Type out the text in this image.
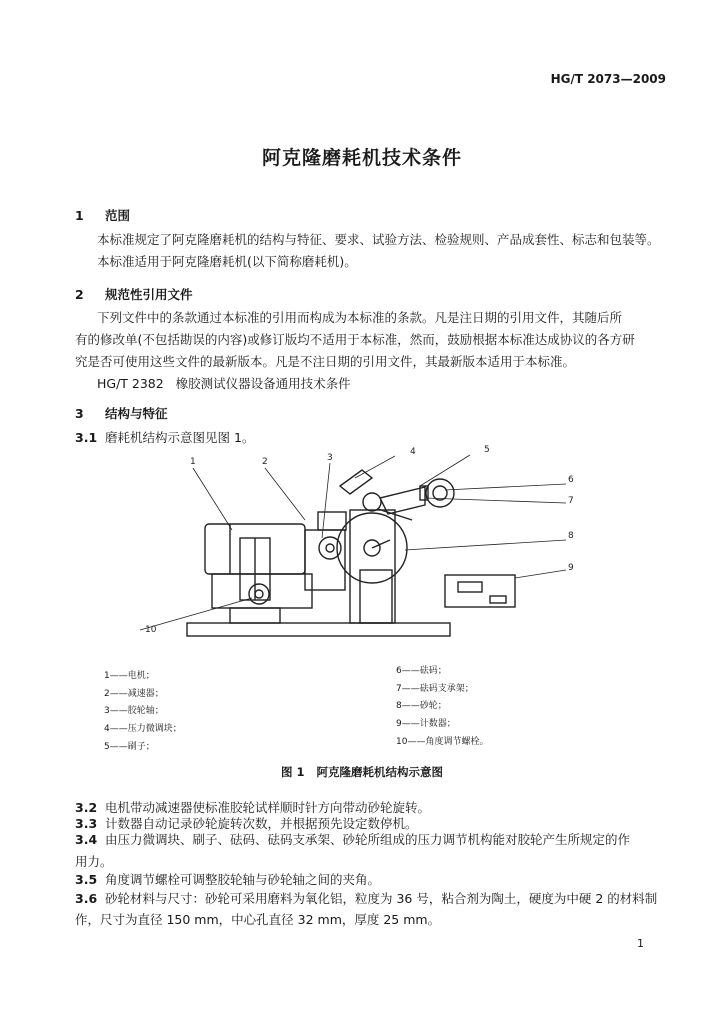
HG/T 2073—2009
阿克隆磨耗机技术条件
1 范围
本标准规定了阿克隆磨耗机的结构与特征、要求、试验方法、检验规则、产品成套性、标志和包装等。
本标准适用于阿克隆磨耗机(以下简称磨耗机)。
2 规范性引用文件
下列文件中的条款通过本标准的引用而构成为本标准的条款。凡是注日期的引用文件，其随后所
有的修改单(不包括勘误的内容)或修订版均不适用于本标准，然而，鼓励根据本标准达成协议的各方研
究是否可使用这些文件的最新版本。凡是不注日期的引用文件，其最新版本适用于本标准。
HG/T 2382   橡胶测试仪器设备通用技术条件
3 结构与特征
3.1 磨耗机结构示意图见图 1。
1	2	3
4	5
6
7
8
9
10
1——电机；
2——减速器；
3——胶轮轴；
4——压力微调块；
5——刷子；
6——砝码；
7——砝码支承架；
8——砂轮；
9——计数器；
10——角度调节螺栓。
图 1   阿克隆磨耗机结构示意图
3.2 电机带动减速器使标准胶轮试样顺时针方向带动砂轮旋转。
3.3 计数器自动记录砂轮旋转次数，并根据预先设定数停机。
3.4 由压力微调块、刷子、砝码、砝码支承架、砂轮所组成的压力调节机构能对胶轮产生所规定的作
用力。
3.5 角度调节螺栓可调整胶轮轴与砂轮轴之间的夹角。
3.6 砂轮材料与尺寸：砂轮可采用磨料为氧化铝，粒度为 36 号，粘合剂为陶土，硬度为中硬 2 的材料制
作，尺寸为直径 150 mm，中心孔直径 32 mm，厚度 25 mm。
1
